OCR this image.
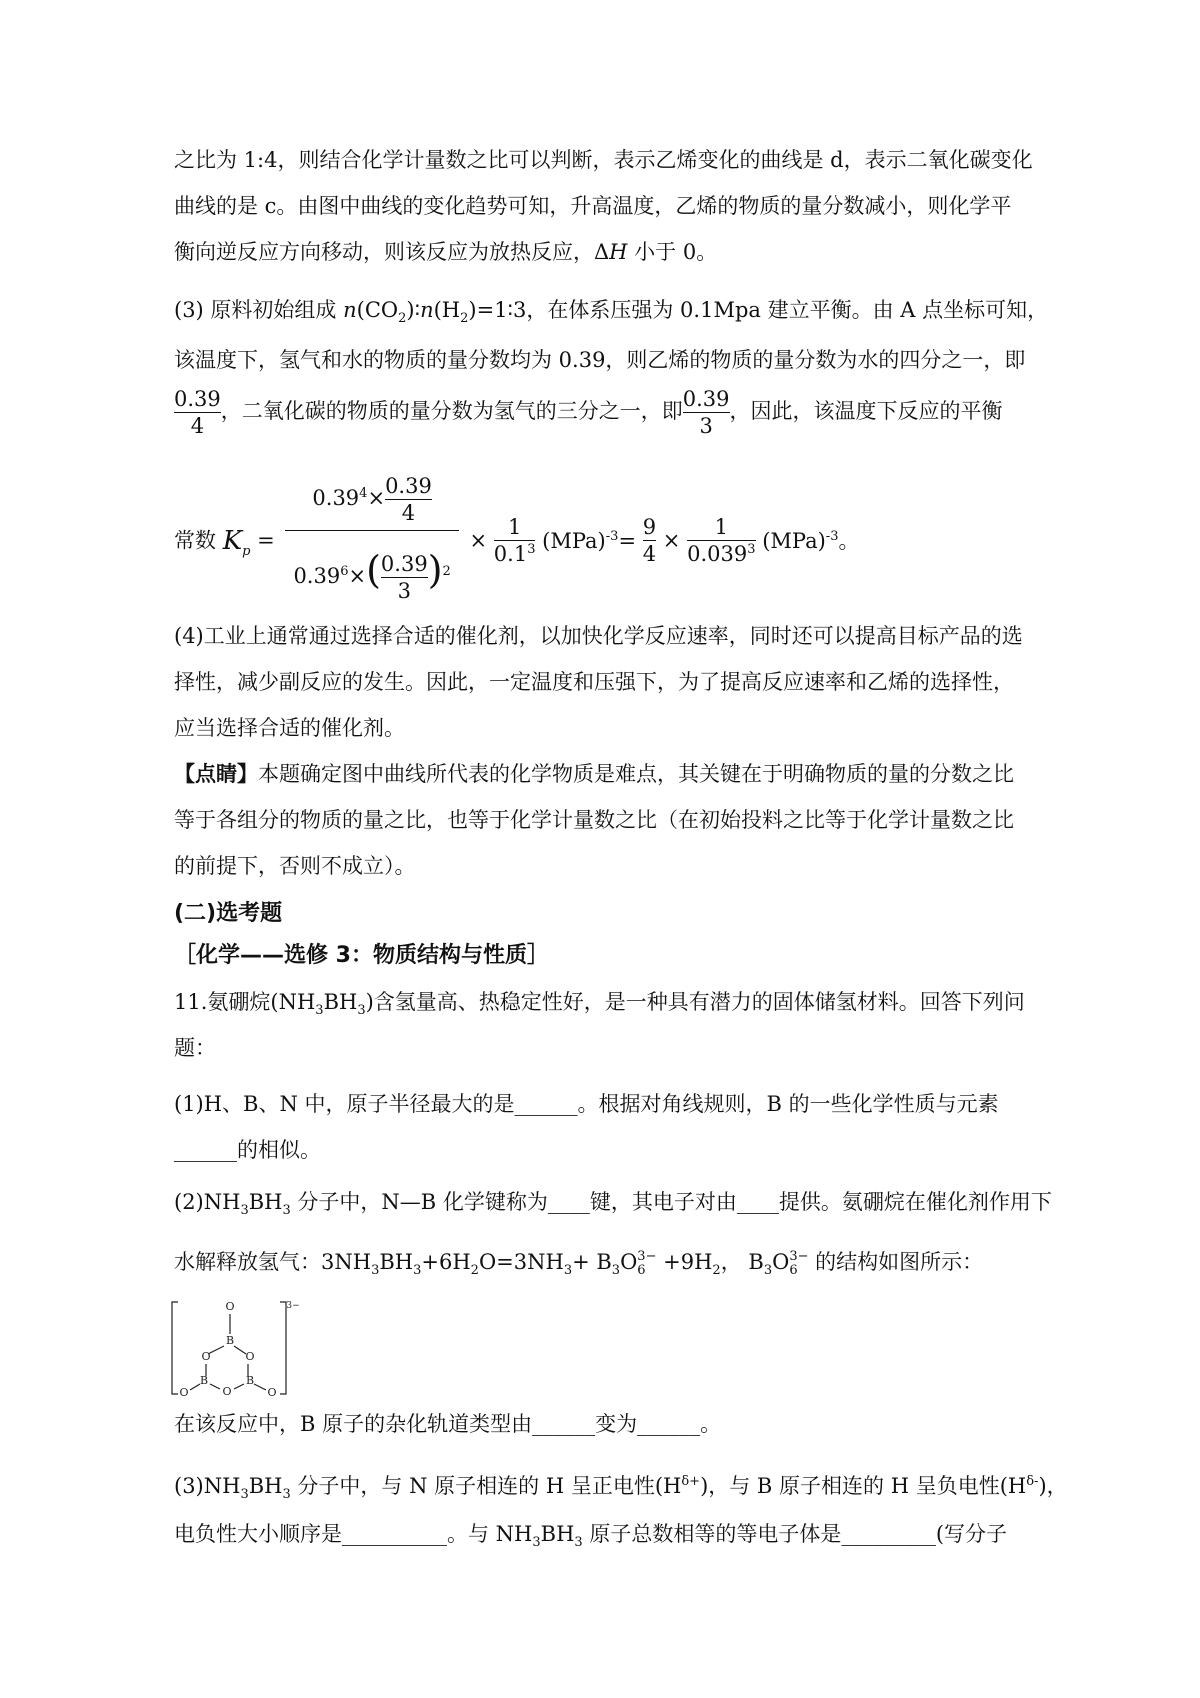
之比为 1:4，则结合化学计量数之比可以判断，表示乙烯变化的曲线是 d，表示二氧化碳变化
曲线的是 c。由图中曲线的变化趋势可知，升高温度，乙烯的物质的量分数减小，则化学平
衡向逆反应方向移动，则该反应为放热反应，ΔH 小于 0。
(3) 原料初始组成 $n(CO_2)∶n(H_2)=1∶3$，在体系压强为 0.1Mpa 建立平衡。由 A 点坐标可知，
该温度下，氢气和水的物质的量分数均为 0.39，则乙烯的物质的量分数为水的四分之一，即
$\frac{0.39}{4}$ ，二氧化碳的物质的量分数为氢气的三分之一，即 $\frac{0.39}{3}$ ，因此，该温度下反应的平衡
常数 $K_p = \frac{0.39^4\times \frac{0.39}{4}}{0.39^6\times( \frac{0.39}{3} )^2} \times \frac{1}{0.1^3} (MPa)^{-3}= \frac{9}{4} \times \frac{1}{0.039^3} (MPa)^{-3}$。
(4)工业上通常通过选择合适的催化剂，以加快化学反应速率，同时还可以提高目标产品的选
择性，减少副反应的发生。因此，一定温度和压强下，为了提高反应速率和乙烯的选择性，
应当选择合适的催化剂。
【点睛】本题确定图中曲线所代表的化学物质是难点，其关键在于明确物质的量的分数之比
等于各组分的物质的量之比，也等于化学计量数之比（在初始投料之比等于化学计量数之比
的前提下，否则不成立）。
(二)选考题
［化学——选修 3：物质结构与性质］
11.氨硼烷$(NH_3BH_3)$含氢量高、热稳定性好，是一种具有潜力的固体储氢材料。回答下列问
题：
(1)H、B、N 中，原子半径最大的是______。根据对角线规则，B 的一些化学性质与元素
______的相似。
$(2)NH_3BH_3$ 分子中，N—B 化学键称为____键，其电子对由____提供。氨硼烷在催化剂作用下
水解释放氢气：$3NH_3BH_3+6H_2O=3NH_3+ B_3O$ 3−
$6 +9H_2$， $B_3O$ 3−
6 的结构如图所示：
O
B
O
O
B
B
O	O
O
3−
在该反应中，B 原子的杂化轨道类型由______变为______。
$(3)NH_3BH_3$ 分子中，与 N 原子相连的 H 呈正电性$(H^{\delta+})$，与 B 原子相连的 H 呈负电性$(H^{\delta-})$，
电负性大小顺序是__________。与 $NH_3BH_3$ 原子总数相等的等电子体是_________(写分子
